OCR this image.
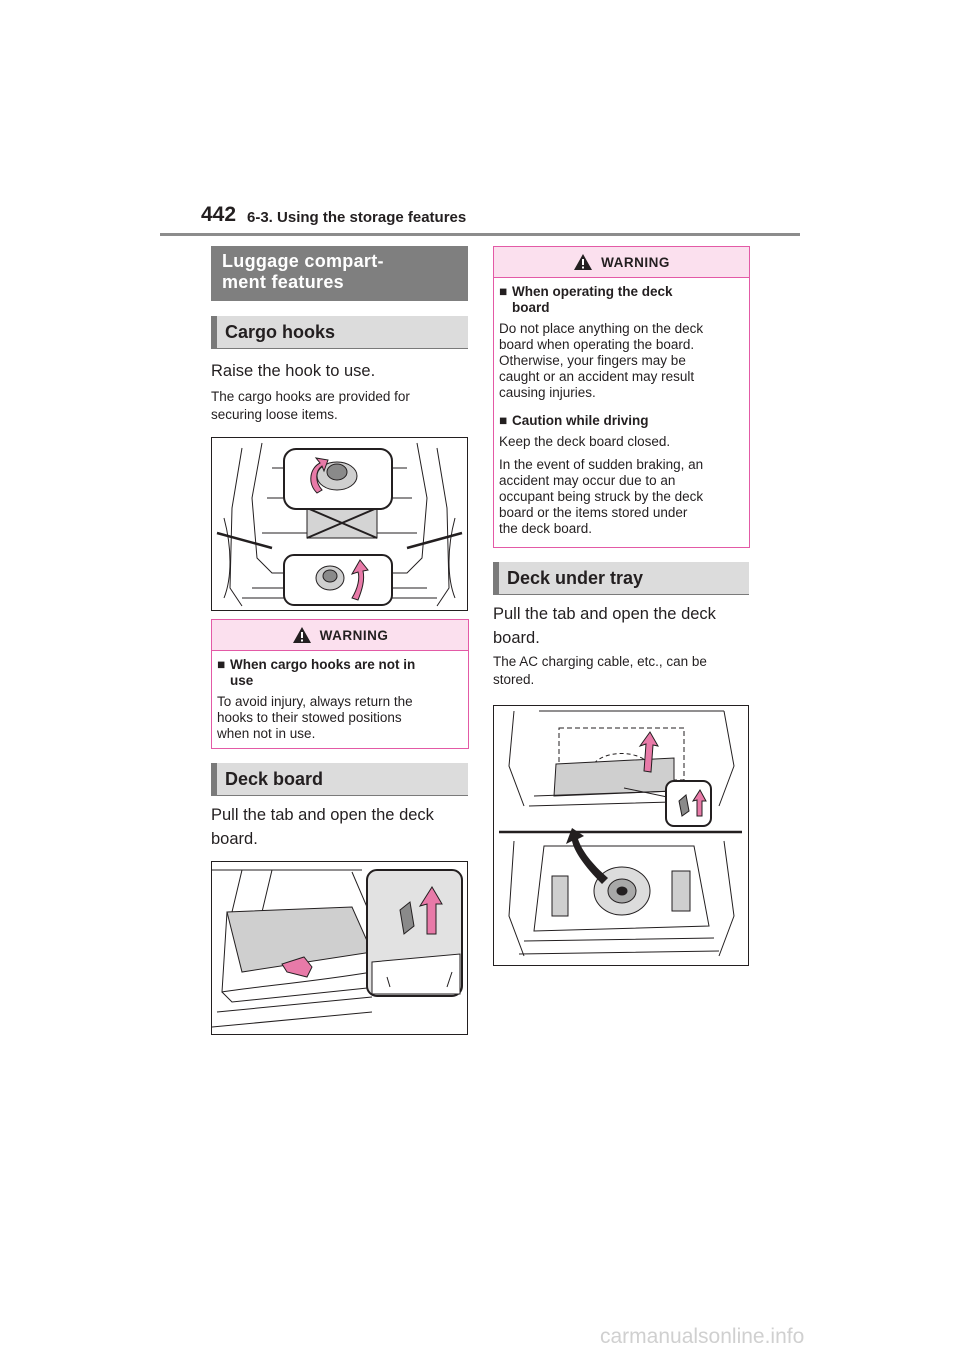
442 6-3. Using the storage features
Luggage compart-
ment features
Cargo hooks
Raise the hook to use.
The cargo hooks are provided for
securing loose items.
WARNING
■ When cargo hooks are not in
use
To avoid injury, always return the
hooks to their stowed positions
when not in use.
Deck board
Pull the tab and open the deck
board.
WARNING
■ When operating the deck
board
Do not place anything on the deck
board when operating the board.
Otherwise, your fingers may be
caught or an accident may result
causing injuries.
■ Caution while driving
Keep the deck board closed.
In the event of sudden braking, an
accident may occur due to an
occupant being struck by the deck
board or the items stored under
the deck board.
Deck under tray
Pull the tab and open the deck
board.
The AC charging cable, etc., can be
stored.
carmanualsonline.info
